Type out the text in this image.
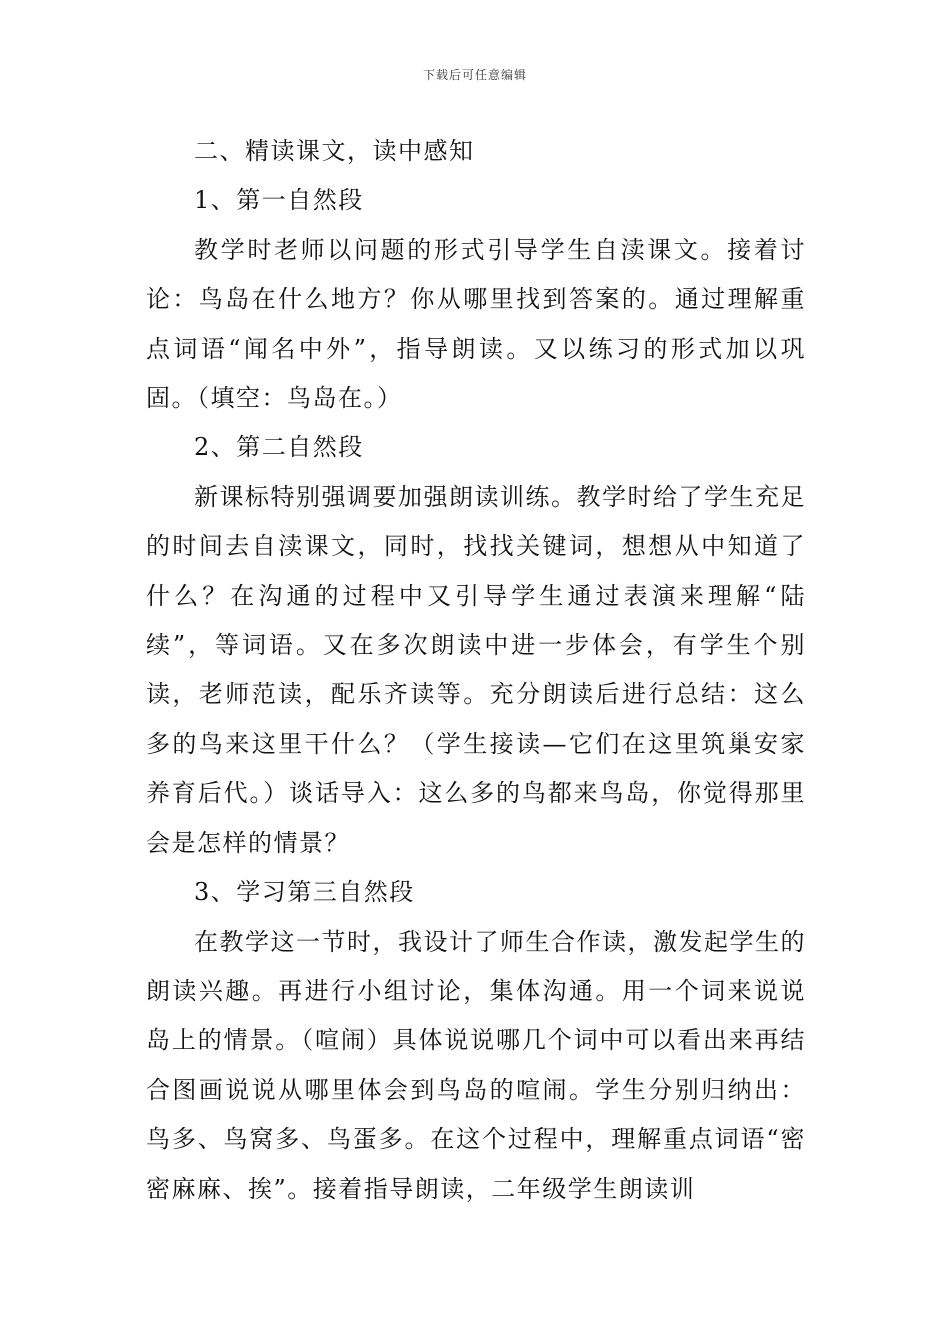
下载后可任意编辑

二、精读课文，读中感知

1、第一自然段

教学时老师以问题的形式引导学生自渎课文。接着讨论：鸟岛在什么地方？你从哪里找到答案的。通过理解重点词语“闻名中外”，指导朗读。又以练习的形式加以巩固。（填空：鸟岛在。）

2、第二自然段

新课标特别强调要加强朗读训练。教学时给了学生充足的时间去自渎课文，同时，找找关键词，想想从中知道了什么？在沟通的过程中又引导学生通过表演来理解“陆续”，等词语。又在多次朗读中进一步体会，有学生个别读，老师范读，配乐齐读等。充分朗读后进行总结：这么多的鸟来这里干什么？（学生接读—它们在这里筑巢安家养育后代。）谈话导入：这么多的鸟都来鸟岛，你觉得那里会是怎样的情景？

3、学习第三自然段

在教学这一节时，我设计了师生合作读，激发起学生的朗读兴趣。再进行小组讨论，集体沟通。用一个词来说说岛上的情景。（喧闹）具体说说哪几个词中可以看出来再结合图画说说从哪里体会到鸟岛的喧闹。学生分别归纳出：鸟多、鸟窝多、鸟蛋多。在这个过程中，理解重点词语“密密麻麻、挨”。接着指导朗读，二年级学生朗读训
